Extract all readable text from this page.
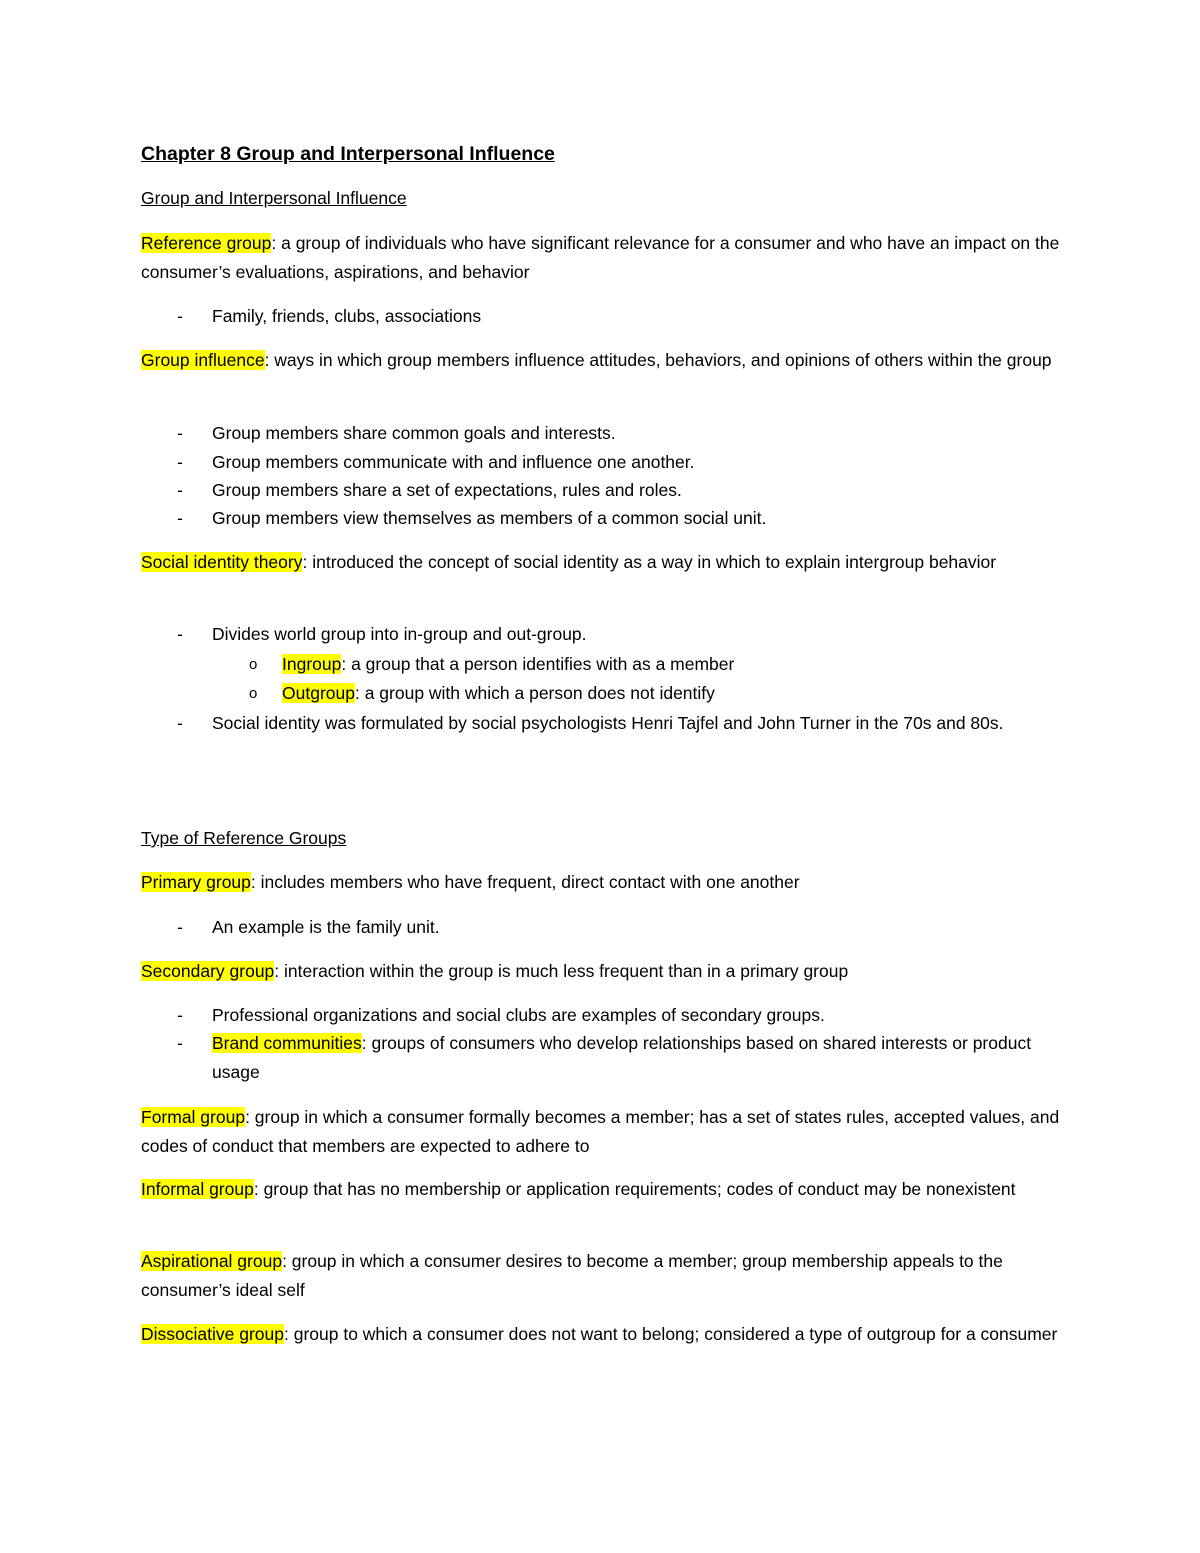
Chapter 8 Group and Interpersonal Influence
Group and Interpersonal Influence
Reference group: a group of individuals who have significant relevance for a consumer and who have an impact on the consumer’s evaluations, aspirations, and behavior
- Family, friends, clubs, associations
Group influence: ways in which group members influence attitudes, behaviors, and opinions of others within the group
- Group members share common goals and interests.
- Group members communicate with and influence one another.
- Group members share a set of expectations, rules and roles.
- Group members view themselves as members of a common social unit.
Social identity theory: introduced the concept of social identity as a way in which to explain intergroup behavior
- Divides world group into in-group and out-group.
o Ingroup: a group that a person identifies with as a member
o Outgroup: a group with which a person does not identify
- Social identity was formulated by social psychologists Henri Tajfel and John Turner in the 70s and 80s.
Type of Reference Groups
Primary group: includes members who have frequent, direct contact with one another
- An example is the family unit.
Secondary group: interaction within the group is much less frequent than in a primary group
- Professional organizations and social clubs are examples of secondary groups.
- Brand communities: groups of consumers who develop relationships based on shared interests or product usage
Formal group: group in which a consumer formally becomes a member; has a set of states rules, accepted values, and codes of conduct that members are expected to adhere to
Informal group: group that has no membership or application requirements; codes of conduct may be nonexistent
Aspirational group: group in which a consumer desires to become a member; group membership appeals to the consumer’s ideal self
Dissociative group: group to which a consumer does not want to belong; considered a type of outgroup for a consumer
